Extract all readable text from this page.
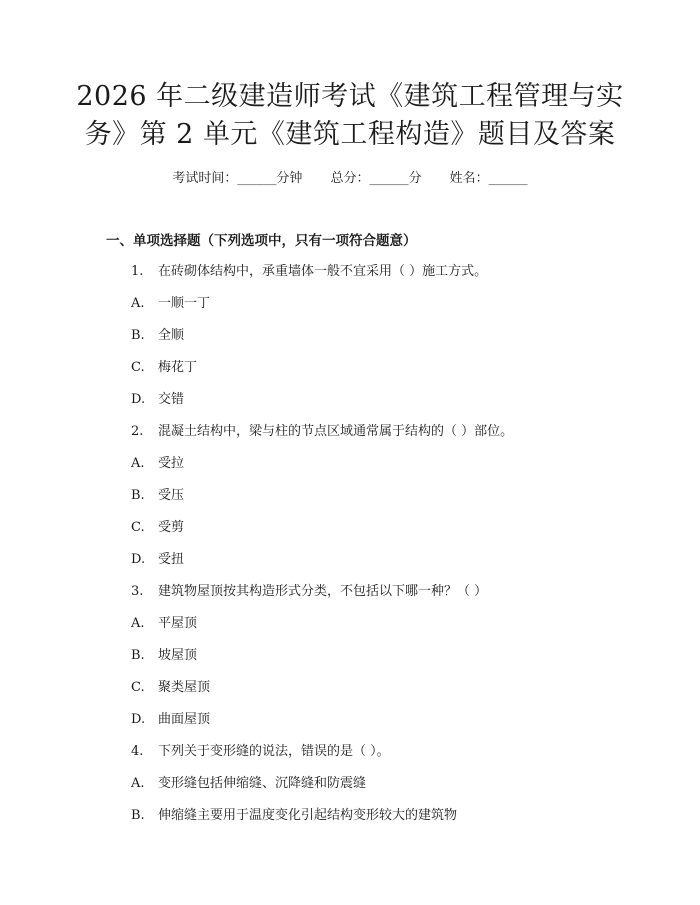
2026 年二级建造师考试《建筑工程管理与实
务》第 2 单元《建筑工程构造》题目及答案
考试时间：______分钟 总分：______分 姓名：______
一、单项选择题（下列选项中，只有一项符合题意）
1. 在砖砌体结构中，承重墙体一般不宜采用（ ）施工方式。
A. 一顺一丁
B. 全顺
C. 梅花丁
D. 交错
2. 混凝土结构中，梁与柱的节点区域通常属于结构的（ ）部位。
A. 受拉
B. 受压
C. 受剪
D. 受扭
3. 建筑物屋顶按其构造形式分类，不包括以下哪一种？（ ）
A. 平屋顶
B. 坡屋顶
C. 聚类屋顶
D. 曲面屋顶
4. 下列关于变形缝的说法，错误的是（ ）。
A. 变形缝包括伸缩缝、沉降缝和防震缝
B. 伸缩缝主要用于温度变化引起结构变形较大的建筑物
